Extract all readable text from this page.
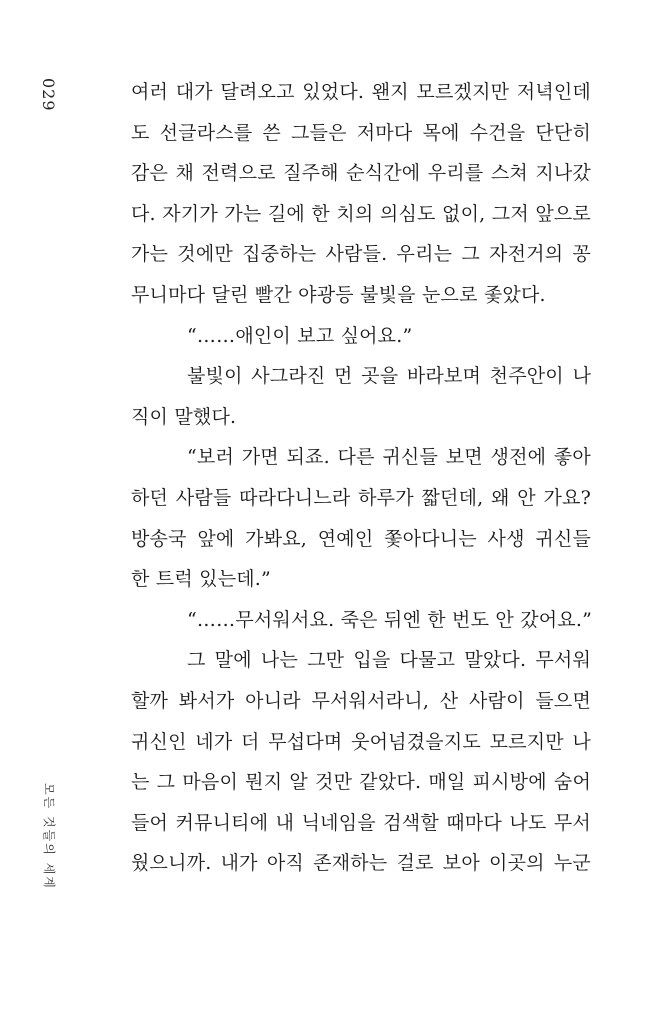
029
모든 것들의 세계
여러 대가 달려오고 있었다. 왠지 모르겠지만 저녁인데
도 선글라스를 쓴 그들은 저마다 목에 수건을 단단히
감은 채 전력으로 질주해 순식간에 우리를 스쳐 지나갔
다. 자기가 가는 길에 한 치의 의심도 없이, 그저 앞으로
가는 것에만 집중하는 사람들. 우리는 그 자전거의 꽁
무니마다 달린 빨간 야광등 불빛을 눈으로 좇았다.
“……애인이 보고 싶어요.”
불빛이 사그라진 먼 곳을 바라보며 천주안이 나
직이 말했다.
“보러 가면 되죠. 다른 귀신들 보면 생전에 좋아
하던 사람들 따라다니느라 하루가 짧던데, 왜 안 가요?
방송국 앞에 가봐요, 연예인 쫓아다니는 사생 귀신들
한 트럭 있는데.”
“……무서워서요. 죽은 뒤엔 한 번도 안 갔어요.”
그 말에 나는 그만 입을 다물고 말았다. 무서워
할까 봐서가 아니라 무서워서라니, 산 사람이 들으면
귀신인 네가 더 무섭다며 웃어넘겼을지도 모르지만 나
는 그 마음이 뭔지 알 것만 같았다. 매일 피시방에 숨어
들어 커뮤니티에 내 닉네임을 검색할 때마다 나도 무서
웠으니까. 내가 아직 존재하는 걸로 보아 이곳의 누군
